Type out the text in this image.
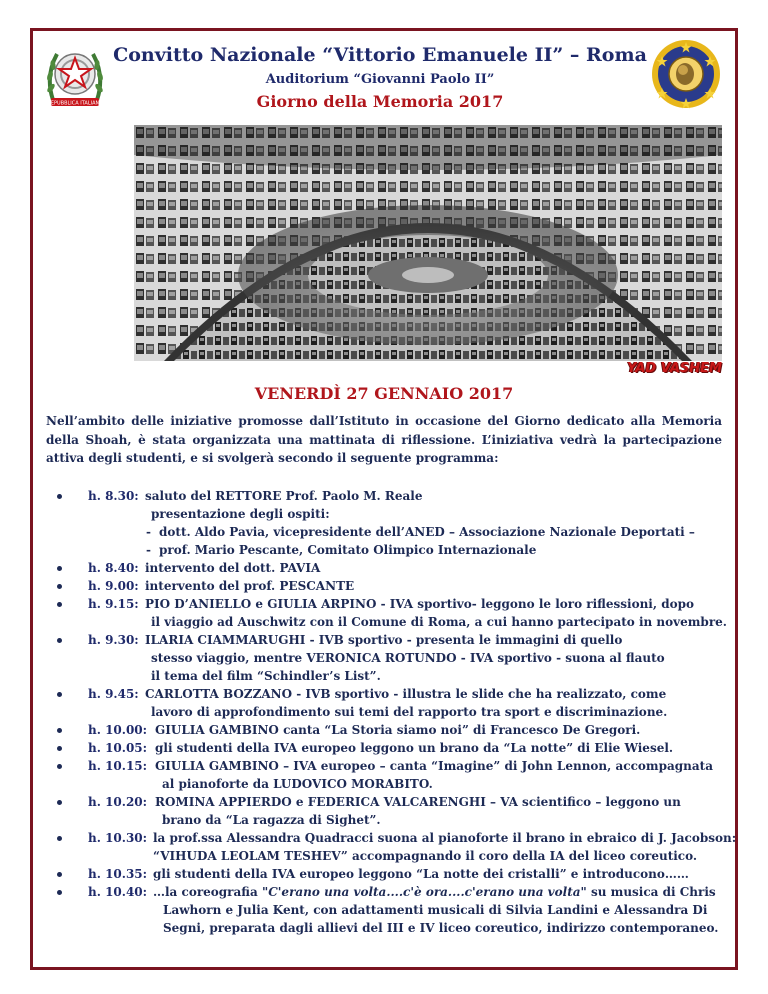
REPUBBLICA ITALIANA
Convitto Nazionale “Vittorio Emanuele II” – Roma
Auditorium “Giovanni Paolo II”
Giorno della Memoria 2017
YAD VASHEM
VENERDÌ 27 GENNAIO 2017
Nell’ambito delle iniziative promosse dall’Istituto in occasione del Giorno dedicato alla Memoria della Shoah, è stata organizzata una mattinata di riflessione. L’iniziativa vedrà la partecipazione attiva degli studenti, e si svolgerà secondo il seguente programma:
h. 8.30: saluto del RETTORE Prof. Paolo M. Reale
presentazione degli ospiti:
- dott. Aldo Pavia, vicepresidente dell’ANED – Associazione Nazionale Deportati –
- prof. Mario Pescante, Comitato Olimpico Internazionale
h. 8.40: intervento del dott. PAVIA
h. 9.00: intervento del prof. PESCANTE
h. 9.15: PIO D’ANIELLO e GIULIA ARPINO - IVA sportivo- leggono le loro riflessioni, dopo
il viaggio ad Auschwitz con il Comune di Roma, a cui hanno partecipato in novembre.
h. 9.30: ILARIA CIAMMARUGHI - IVB sportivo - presenta le immagini di quello
stesso viaggio, mentre VERONICA ROTUNDO - IVA sportivo - suona al flauto
il tema del film “Schindler’s List”.
h. 9.45: CARLOTTA BOZZANO - IVB sportivo - illustra le slide che ha realizzato, come
lavoro di approfondimento sui temi del rapporto tra sport e discriminazione.
h. 10.00: GIULIA GAMBINO canta “La Storia siamo noi” di Francesco De Gregori.
h. 10.05: gli studenti della IVA europeo leggono un brano da “La notte” di Elie Wiesel.
h. 10.15: GIULIA GAMBINO – IVA europeo – canta “Imagine” di John Lennon, accompagnata
al pianoforte da LUDOVICO MORABITO.
h. 10.20: ROMINA APPIERDO e FEDERICA VALCARENGHI – VA scientifico – leggono un
brano da “La ragazza di Sighet”.
h. 10.30: la prof.ssa Alessandra Quadracci suona al pianoforte il brano in ebraico di J. Jacobson:
“VIHUDA LEOLAM TESHEV” accompagnando il coro della IA del liceo coreutico.
h. 10.35: gli studenti della IVA europeo leggono “La notte dei cristalli” e introducono……
h. 10.40: …la coreografia "C'erano una volta....c'è ora....c'erano una volta" su musica di Chris
Lawhorn e Julia Kent, con adattamenti musicali di Silvia Landini e Alessandra Di
Segni, preparata dagli allievi del III e IV liceo coreutico, indirizzo contemporaneo.
